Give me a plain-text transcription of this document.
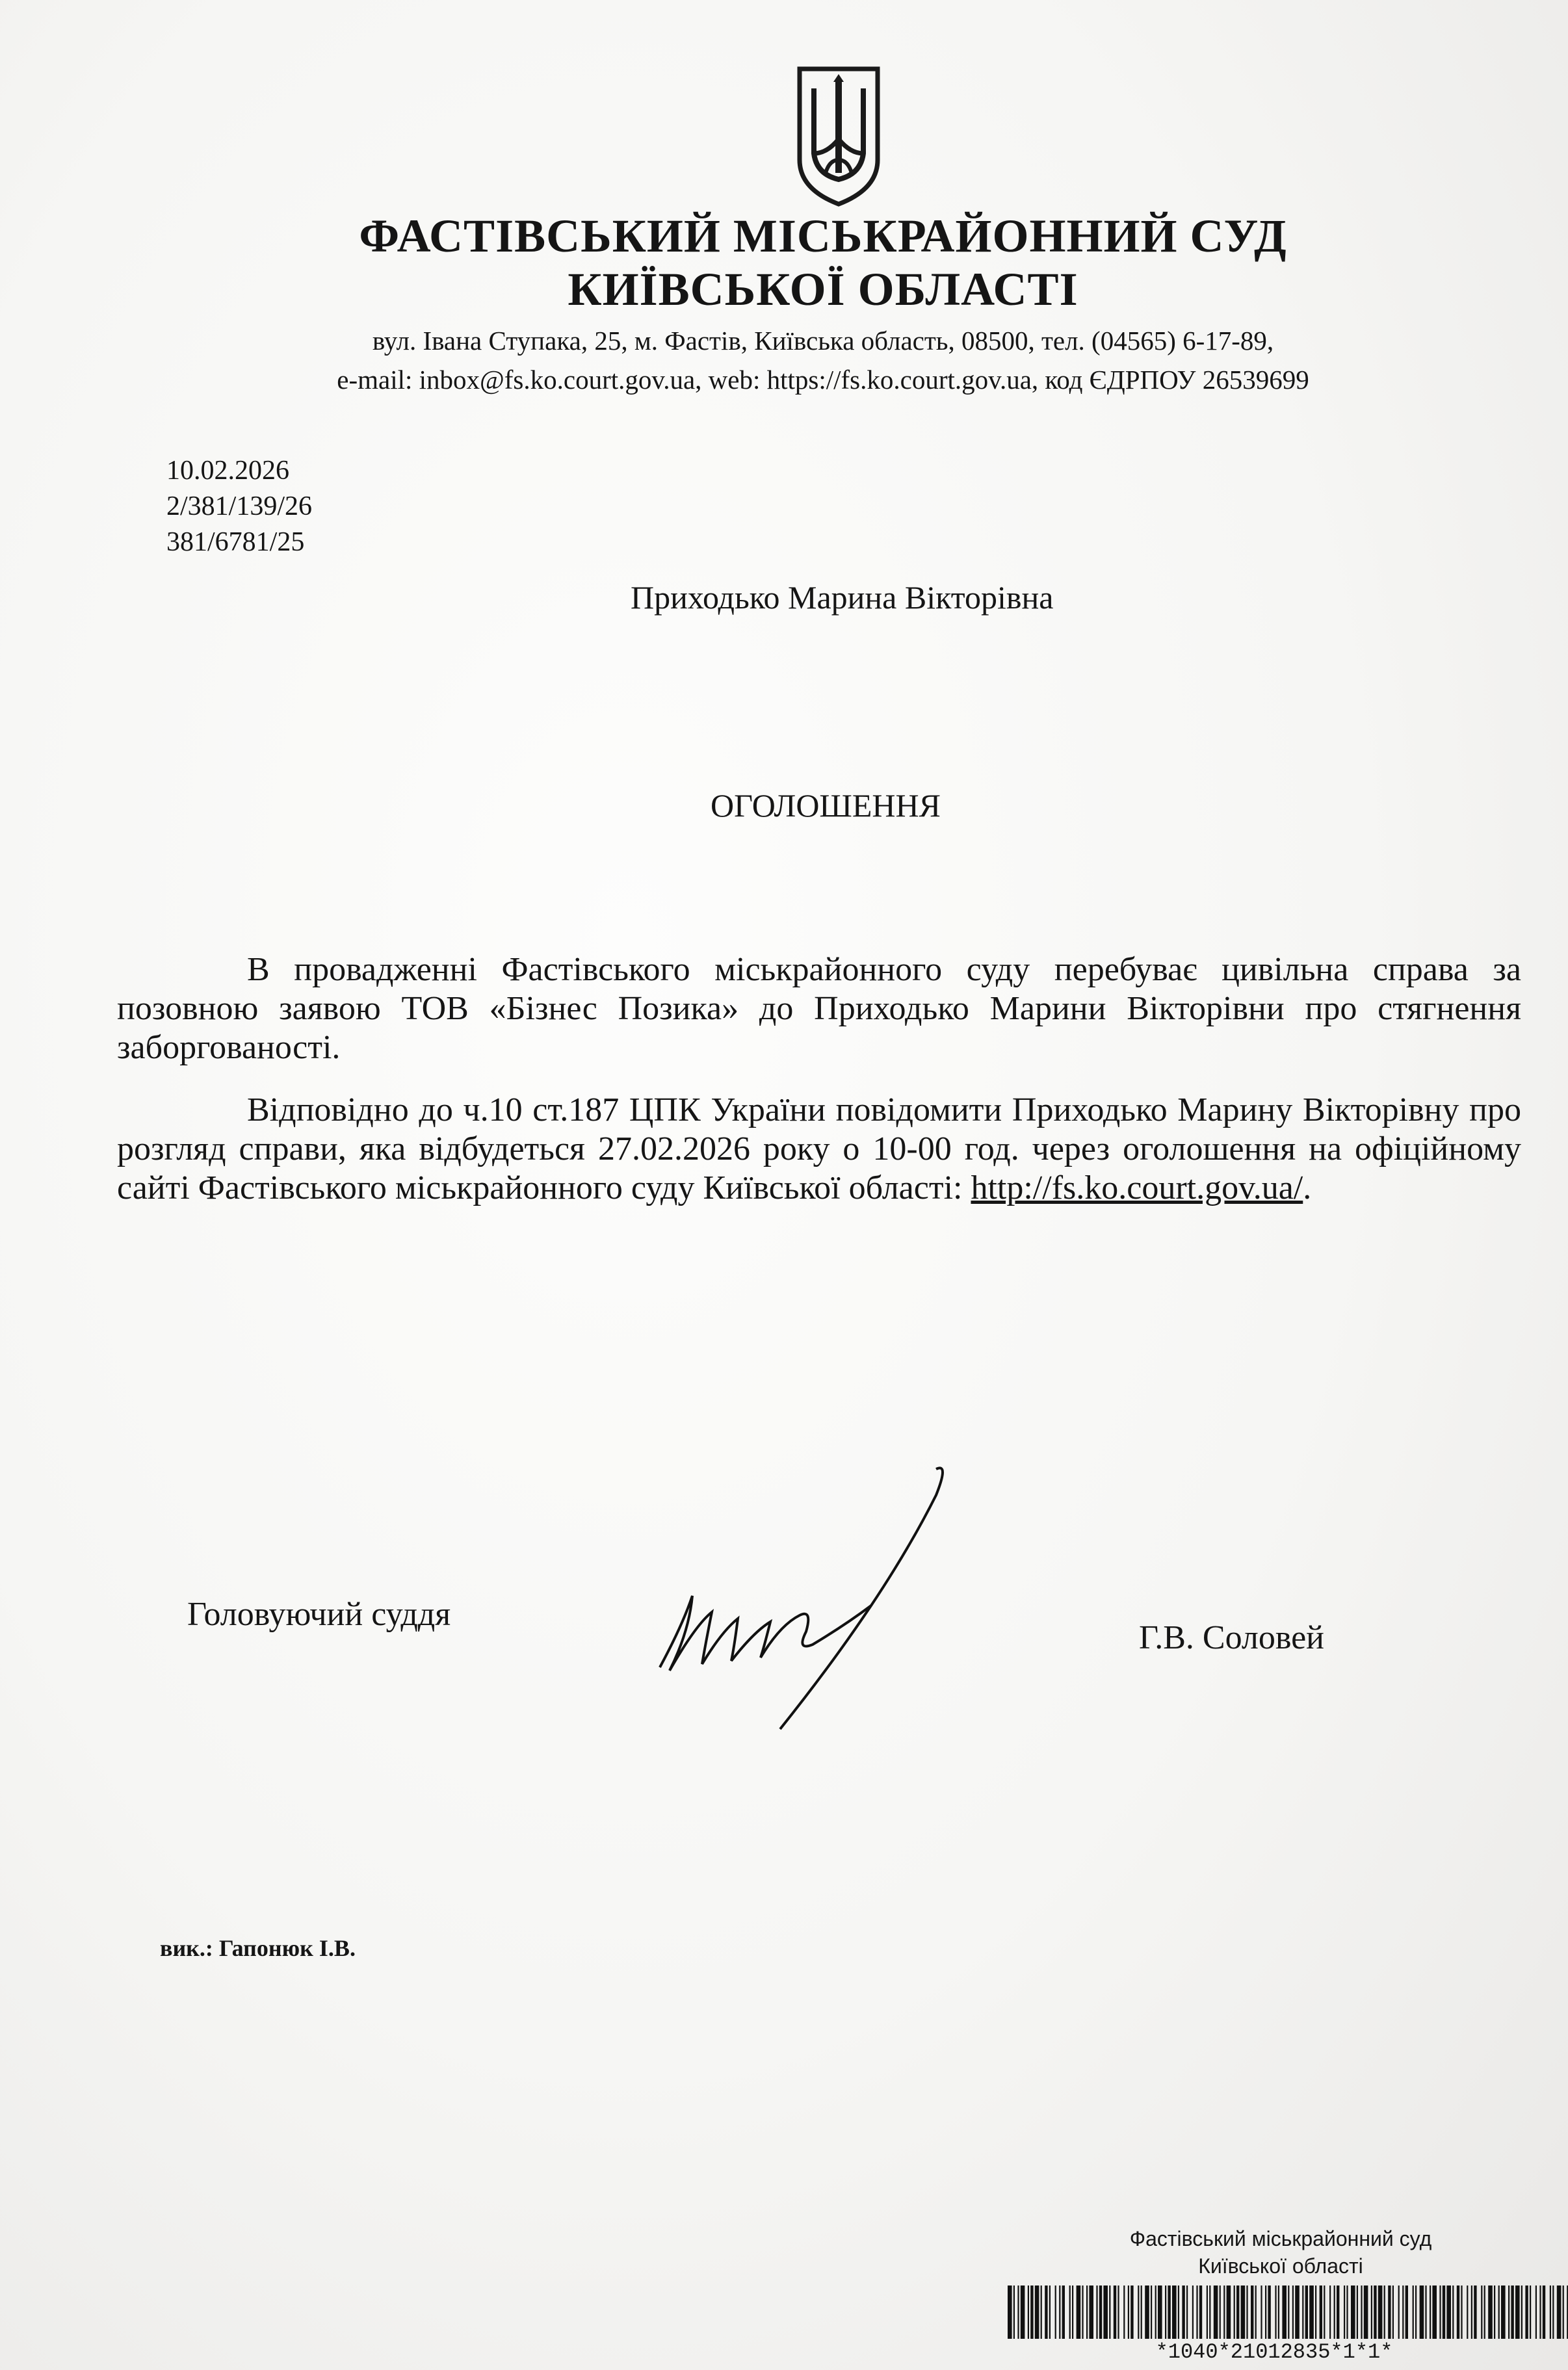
ФАСТІВСЬКИЙ МІСЬКРАЙОННИЙ СУД
КИЇВСЬКОЇ ОБЛАСТІ
вул. Івана Ступака, 25, м. Фастів, Київська область, 08500, тел. (04565) 6-17-89,
e-mail: inbox@fs.ko.court.gov.ua, web: https://fs.ko.court.gov.ua, код ЄДРПОУ 26539699
10.02.2026
2/381/139/26
381/6781/25
Приходько Марина Вікторівна
ОГОЛОШЕННЯ

В провадженні Фастівського міськрайонного суду перебуває цивільна справа за позовною заявою ТОВ «Бізнес Позика» до Приходько Марини Вікторівни про стягнення заборгованості.

Відповідно до ч.10 ст.187 ЦПК України повідомити Приходько Марину Вікторівну про розгляд справи, яка відбудеться 27.02.2026 року о 10-00 год. через оголошення на офіційному сайті Фастівського міськрайонного суду Київської області: http://fs.ko.court.gov.ua/.

Головуючий суддя
Г.В. Соловей
вик.: Гапонюк І.В.
Фастівський міськрайонний суд
Київської області
*1040*21012835*1*1*
